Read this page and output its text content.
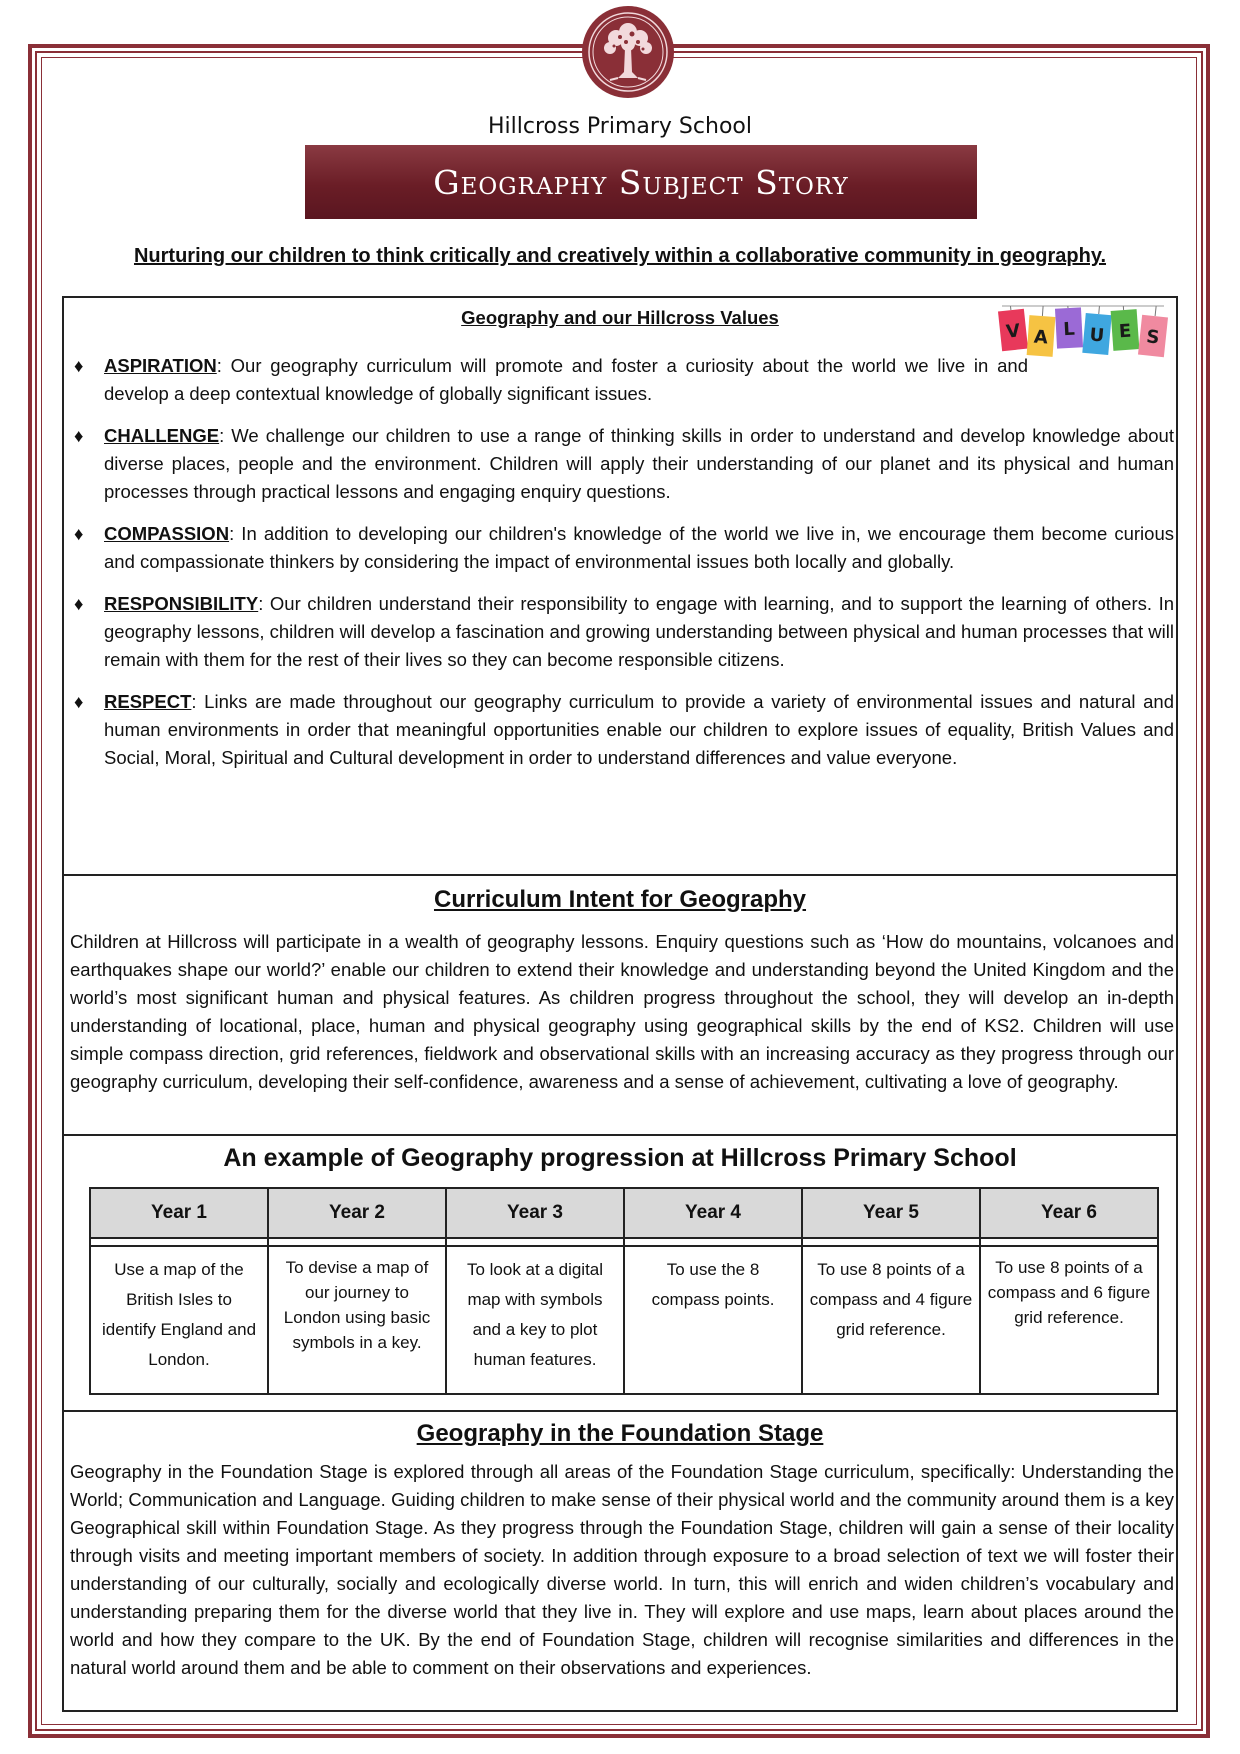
Hillcross Primary School
Geography Subject Story
Nurturing our children to think critically and creatively within a collaborative community in geography.
Geography and our Hillcross Values
V A L U E S
♦ ASPIRATION: Our geography curriculum will promote and foster a curiosity about the world we live in and develop a deep contextual knowledge of globally significant issues.
♦ CHALLENGE: We challenge our children to use a range of thinking skills in order to understand and develop knowledge about diverse places, people and the environment. Children will apply their understanding of our planet and its physical and human processes through practical lessons and engaging enquiry questions.
♦ COMPASSION: In addition to developing our children's knowledge of the world we live in, we encourage them become curious and compassionate thinkers by considering the impact of environmental issues both locally and globally.
♦ RESPONSIBILITY: Our children understand their responsibility to engage with learning, and to support the learning of others. In geography lessons, children will develop a fascination and growing understanding between physical and human processes that will remain with them for the rest of their lives so they can become responsible citizens.
♦ RESPECT: Links are made throughout our geography curriculum to provide a variety of environmental issues and natural and human environments in order that meaningful opportunities enable our children to explore issues of equality, British Values and Social, Moral, Spiritual and Cultural development in order to understand differences and value everyone.
Curriculum Intent for Geography

Children at Hillcross will participate in a wealth of geography lessons. Enquiry questions such as ‘How do mountains, volcanoes and earthquakes shape our world?’ enable our children to extend their knowledge and understanding beyond the United Kingdom and the world’s most significant human and physical features. As children progress throughout the school, they will develop an in-depth understanding of locational, place, human and physical geography using geographical skills by the end of KS2. Children will use simple compass direction, grid references, fieldwork and observational skills with an increasing accuracy as they progress through our geography curriculum, developing their self-confidence, awareness and a sense of achievement, cultivating a love of geography.

An example of Geography progression at Hillcross Primary School
Year 1	Year 2	Year 3	Year 4	Year 5	Year 6

Use a map of the British Isles to identify England and London.	To devise a map of our journey to London using basic symbols in a key.	To look at a digital map with symbols and a key to plot human features.	To use the 8 compass points.	To use 8 points of a compass and 4 figure grid reference.	To use 8 points of a compass and 6 figure grid reference.
Geography in the Foundation Stage

Geography in the Foundation Stage is explored through all areas of the Foundation Stage curriculum, specifically: Understanding the World; Communication and Language. Guiding children to make sense of their physical world and the community around them is a key Geographical skill within Foundation Stage. As they progress through the Foundation Stage, children will gain a sense of their locality through visits and meeting important members of society. In addition through exposure to a broad selection of text we will foster their understanding of our culturally, socially and ecologically diverse world. In turn, this will enrich and widen children’s vocabulary and understanding preparing them for the diverse world that they live in. They will explore and use maps, learn about places around the world and how they compare to the UK. By the end of Foundation Stage, children will recognise similarities and differences in the natural world around them and be able to comment on their observations and experiences.
